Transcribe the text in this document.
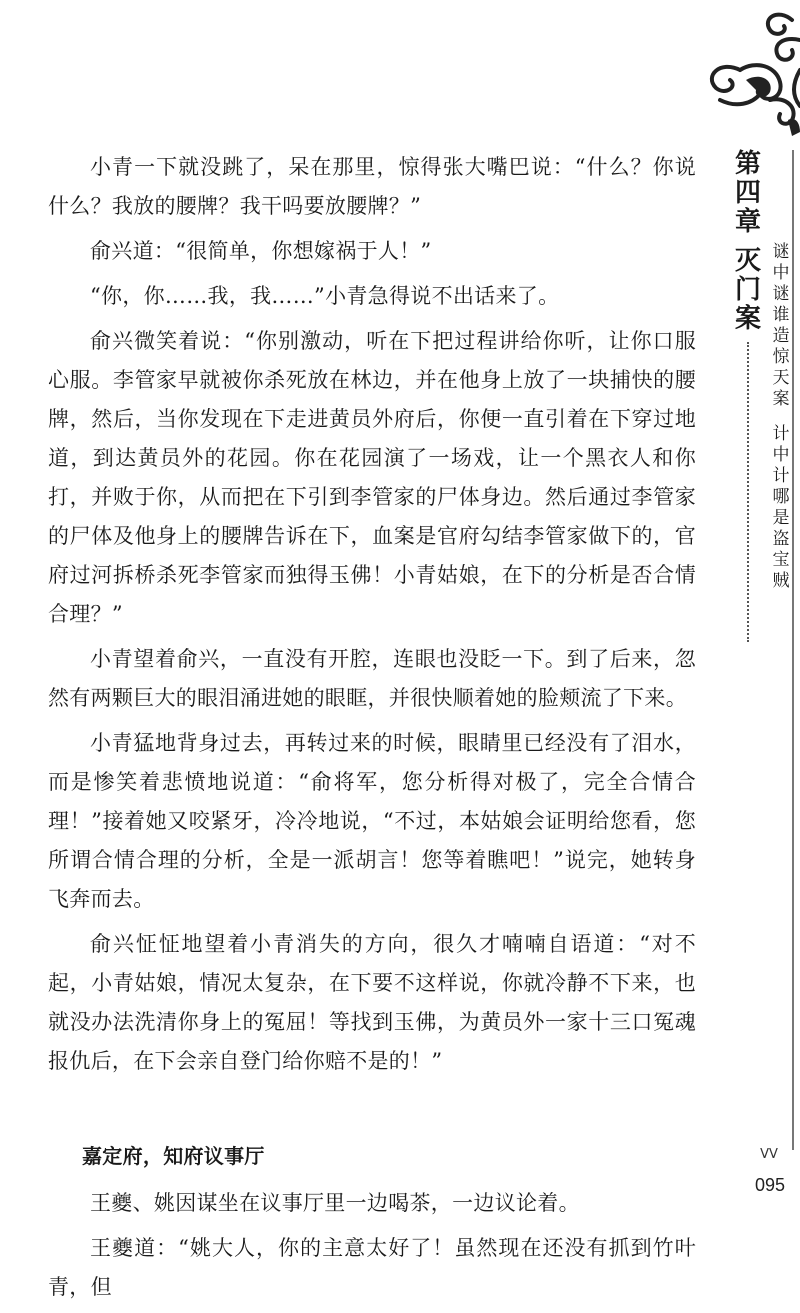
第
四
章
灭
门
案
谜
中
谜
谁
造
惊
天
案
计
中
计
哪
是
盗
宝
贼

小青一下就没跳了，呆在那里，惊得张大嘴巴说：“什么？你说什么？我放的腰牌？我干吗要放腰牌？”

俞兴道：“很简单，你想嫁祸于人！”

“你，你……我，我……”小青急得说不出话来了。

俞兴微笑着说：“你别激动，听在下把过程讲给你听，让你口服心服。李管家早就被你杀死放在林边，并在他身上放了一块捕快的腰牌，然后，当你发现在下走进黄员外府后，你便一直引着在下穿过地道，到达黄员外的花园。你在花园演了一场戏，让一个黑衣人和你打，并败于你，从而把在下引到李管家的尸体身边。然后通过李管家的尸体及他身上的腰牌告诉在下，血案是官府勾结李管家做下的，官府过河拆桥杀死李管家而独得玉佛！小青姑娘，在下的分析是否合情合理？”

小青望着俞兴，一直没有开腔，连眼也没眨一下。到了后来，忽然有两颗巨大的眼泪涌进她的眼眶，并很快顺着她的脸颊流了下来。

小青猛地背身过去，再转过来的时候，眼睛里已经没有了泪水，而是惨笑着悲愤地说道：“俞将军，您分析得对极了，完全合情合理！”接着她又咬紧牙，冷冷地说，“不过，本姑娘会证明给您看，您所谓合情合理的分析，全是一派胡言！您等着瞧吧！”说完，她转身飞奔而去。

俞兴怔怔地望着小青消失的方向，很久才喃喃自语道：“对不起，小青姑娘，情况太复杂，在下要不这样说，你就冷静不下来，也就没办法洗清你身上的冤屈！等找到玉佛，为黄员外一家十三口冤魂报仇后，在下会亲自登门给你赔不是的！”

嘉定府，知府议事厅

王夔、姚因谋坐在议事厅里一边喝茶，一边议论着。

王夔道：“姚大人，你的主意太好了！虽然现在还没有抓到竹叶青，但

VV
095
